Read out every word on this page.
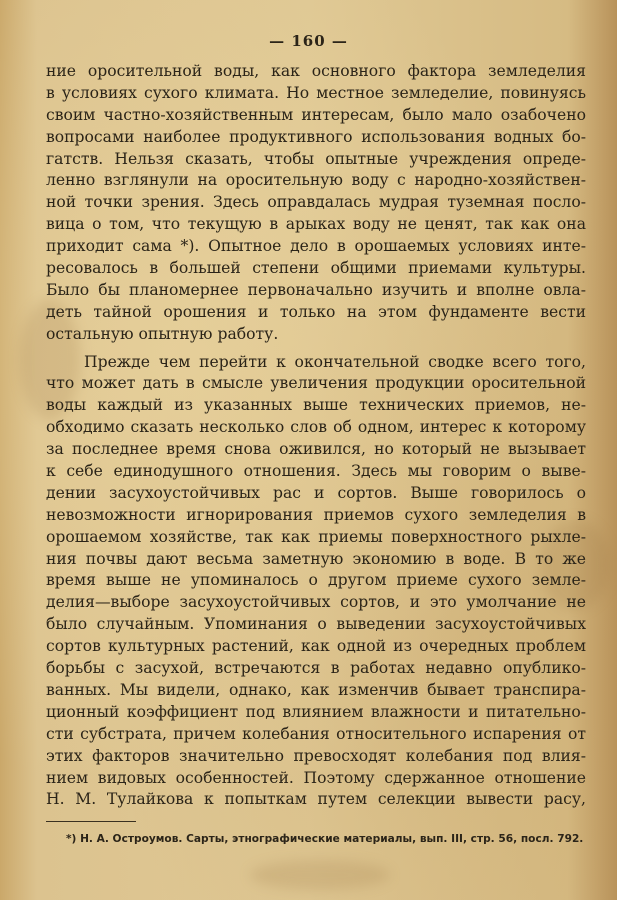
— 160 —
ние оросительной воды, как основного фактора земледелия
в условиях сухого климата. Но местное земледелие, повинуясь
своим частно-хозяйственным интересам, было мало озабочено
вопросами наиболее продуктивного использования водных бо-
гатств. Нельзя сказать, чтобы опытные учреждения опреде-
ленно взглянули на оросительную воду с народно-хозяйствен-
ной точки зрения. Здесь оправдалась мудрая туземная посло-
вица о том, что текущую в арыках воду не ценят, так как она
приходит сама *). Опытное дело в орошаемых условиях инте-
ресовалось в большей степени общими приемами культуры.
Было бы планомернее первоначально изучить и вполне овла-
деть тайной орошения и только на этом фундаменте вести
остальную опытную работу.
Прежде чем перейти к окончательной сводке всего того,
что может дать в смысле увеличения продукции оросительной
воды каждый из указанных выше технических приемов, не-
обходимо сказать несколько слов об одном, интерес к которому
за последнее время снова оживился, но который не вызывает
к себе единодушного отношения. Здесь мы говорим о выве-
дении засухоустойчивых рас и сортов. Выше говорилось о
невозможности игнорирования приемов сухого земледелия в
орошаемом хозяйстве, так как приемы поверхностного рыхле-
ния почвы дают весьма заметную экономию в воде. В то же
время выше не упоминалось о другом приеме сухого земле-
делия—выборе засухоустойчивых сортов, и это умолчание не
было случайным. Упоминания о выведении засухоустойчивых
сортов культурных растений, как одной из очередных проблем
борьбы с засухой, встречаются в работах недавно опублико-
ванных. Мы видели, однако, как изменчив бывает транспира-
ционный коэффициент под влиянием влажности и питательно-
сти субстрата, причем колебания относительного испарения от
этих факторов значительно превосходят колебания под влия-
нием видовых особенностей. Поэтому сдержанное отношение
Н. М. Тулайкова к попыткам путем селекции вывести расу,
*) Н. А. Остроумов. Сарты, этнографические материалы, вып. III, стр. 56, посл. 792.
